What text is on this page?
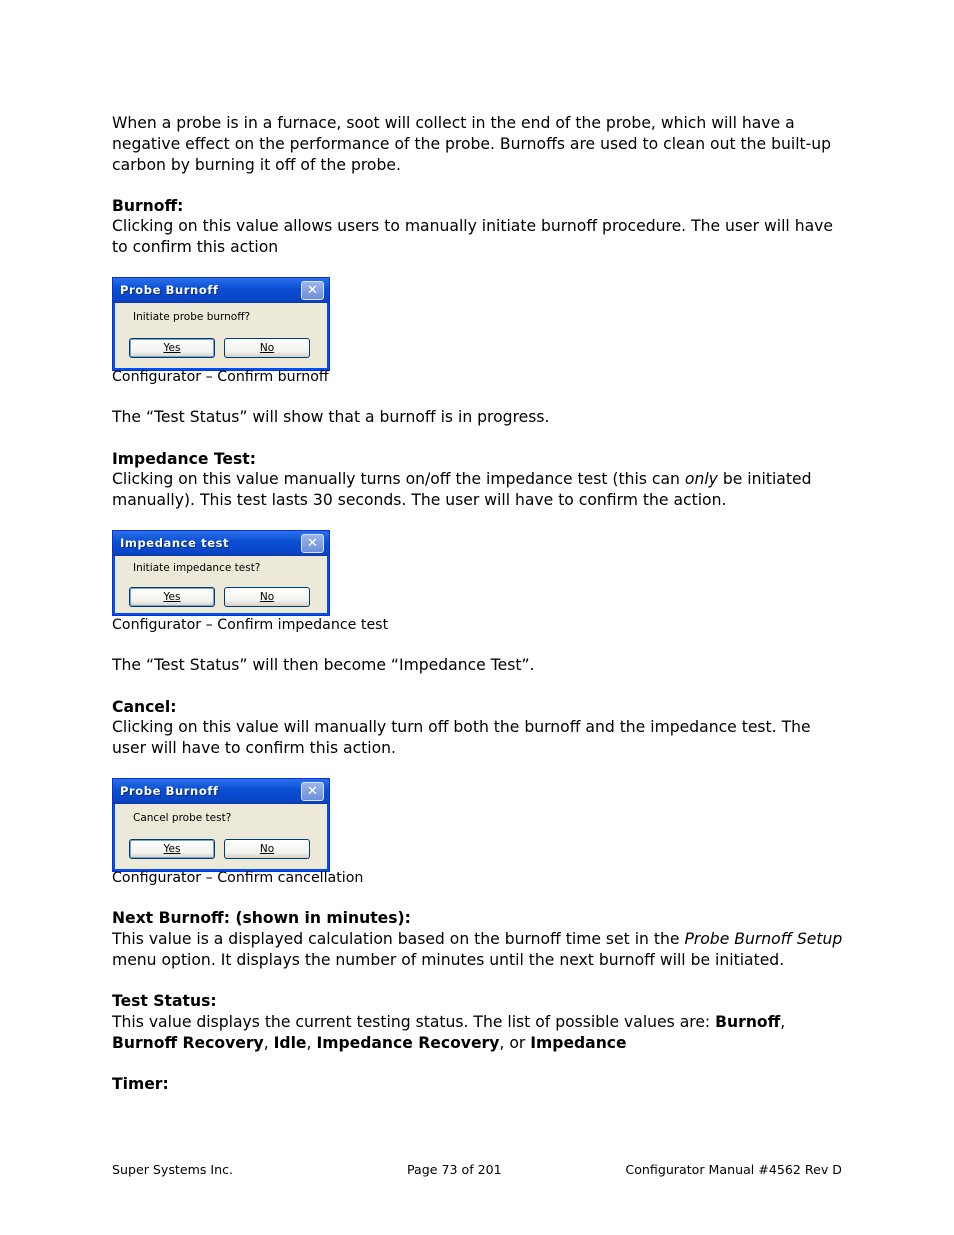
When a probe is in a furnace, soot will collect in the end of the probe, which will have a negative effect on the performance of the probe. Burnoffs are used to clean out the built-up carbon by burning it off of the probe.

Burnoff:

Clicking on this value allows users to manually initiate burnoff procedure. The user will have to confirm this action

Probe Burnoff	✕
Initiate probe burnoff?
Yes	No
Configurator – Confirm burnoff

The “Test Status” will show that a burnoff is in progress.

Impedance Test:

Clicking on this value manually turns on/off the impedance test (this can only be initiated manually). This test lasts 30 seconds. The user will have to confirm the action.

Impedance test	✕
Initiate impedance test?
Yes	No
Configurator – Confirm impedance test

The “Test Status” will then become “Impedance Test”.

Cancel:

Clicking on this value will manually turn off both the burnoff and the impedance test. The user will have to confirm this action.

Probe Burnoff	✕
Cancel probe test?
Yes	No
Configurator – Confirm cancellation

Next Burnoff: (shown in minutes):

This value is a displayed calculation based on the burnoff time set in the Probe Burnoff Setup menu option. It displays the number of minutes until the next burnoff will be initiated.

Test Status:

This value displays the current testing status. The list of possible values are: Burnoff, Burnoff Recovery, Idle, Impedance Recovery, or Impedance

Timer:

Super Systems Inc.	Page 73 of 201	Configurator Manual #4562 Rev D
